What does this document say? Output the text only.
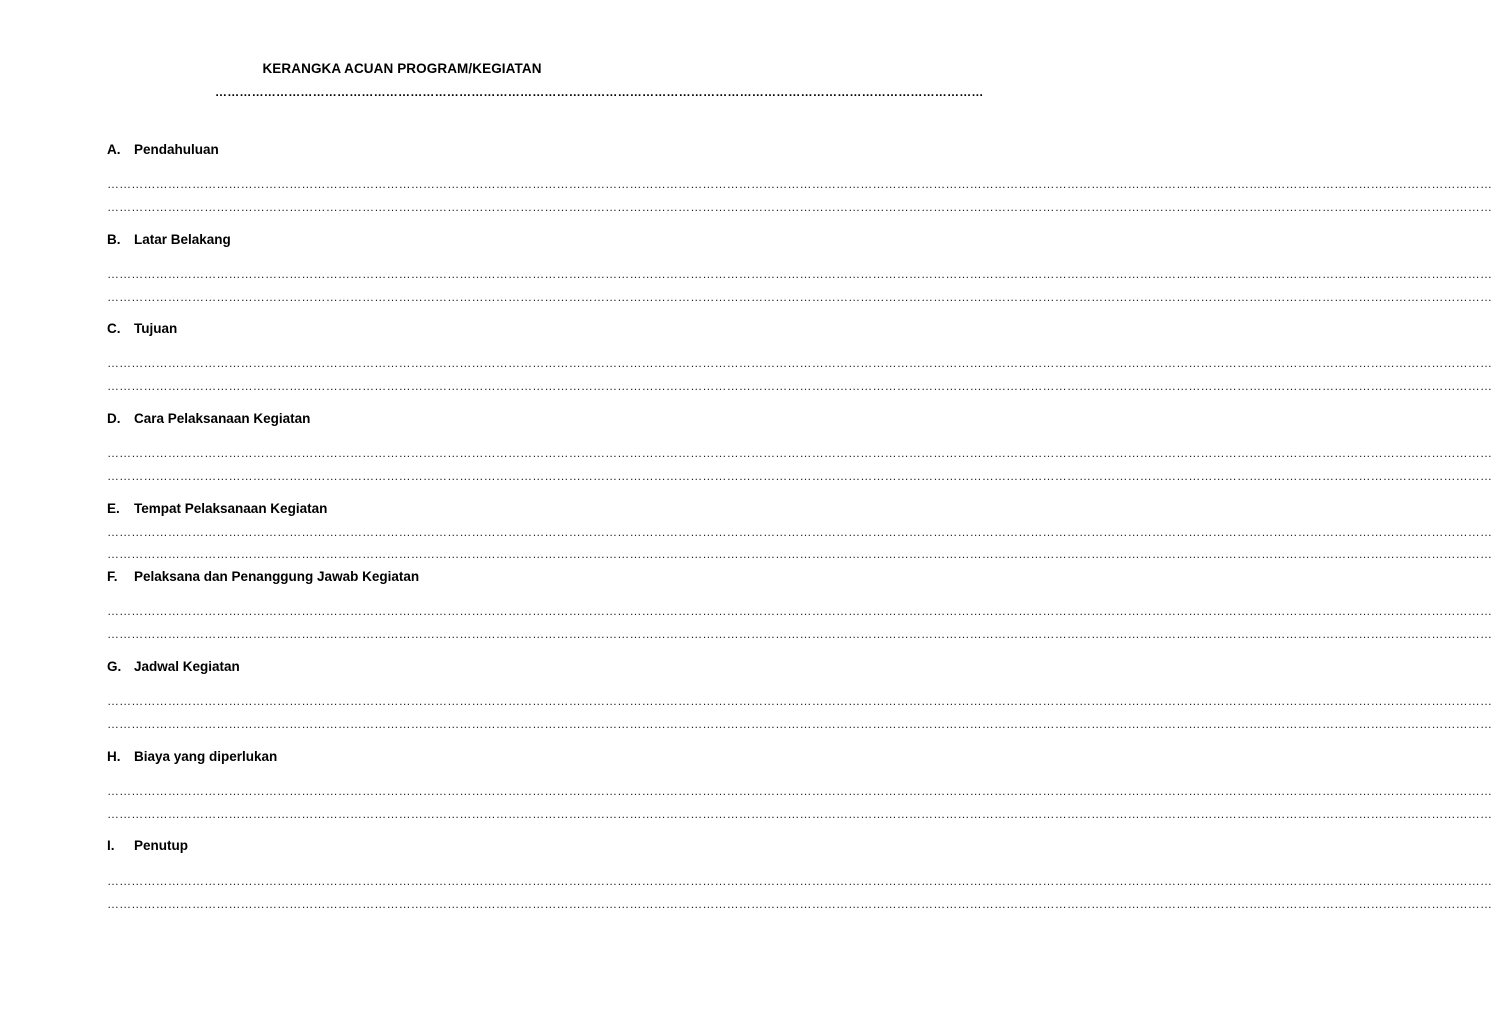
KERANGKA ACUAN PROGRAM/KEGIATAN
………………………………………………………………………………………………………………………………………………………………………
A. Pendahuluan
………………………………………………………………………………………………………………………………………………………………………………………………………………………………………………………………………………………………………………
………………………………………………………………………………………………………………………………………………………………………………………………………………………………………………………………………………………………………………
B. Latar Belakang
………………………………………………………………………………………………………………………………………………………………………………………………………………………………………………………………………………………………………………
………………………………………………………………………………………………………………………………………………………………………………………………………………………………………………………………………………………………………………
C. Tujuan
………………………………………………………………………………………………………………………………………………………………………………………………………………………………………………………………………………………………………………
………………………………………………………………………………………………………………………………………………………………………………………………………………………………………………………………………………………………………………
D. Cara Pelaksanaan Kegiatan
………………………………………………………………………………………………………………………………………………………………………………………………………………………………………………………………………………………………………………
………………………………………………………………………………………………………………………………………………………………………………………………………………………………………………………………………………………………………………
E. Tempat Pelaksanaan Kegiatan
………………………………………………………………………………………………………………………………………………………………………………………………………………………………………………………………………………………………………………
………………………………………………………………………………………………………………………………………………………………………………………………………………………………………………………………………………………………………………
F. Pelaksana dan Penanggung Jawab Kegiatan
………………………………………………………………………………………………………………………………………………………………………………………………………………………………………………………………………………………………………………
………………………………………………………………………………………………………………………………………………………………………………………………………………………………………………………………………………………………………………
G. Jadwal Kegiatan
………………………………………………………………………………………………………………………………………………………………………………………………………………………………………………………………………………………………………………
………………………………………………………………………………………………………………………………………………………………………………………………………………………………………………………………………………………………………………
H. Biaya yang diperlukan
………………………………………………………………………………………………………………………………………………………………………………………………………………………………………………………………………………………………………………
………………………………………………………………………………………………………………………………………………………………………………………………………………………………………………………………………………………………………………
I. Penutup
………………………………………………………………………………………………………………………………………………………………………………………………………………………………………………………………………………………………………………
………………………………………………………………………………………………………………………………………………………………………………………………………………………………………………………………………………………………………………
